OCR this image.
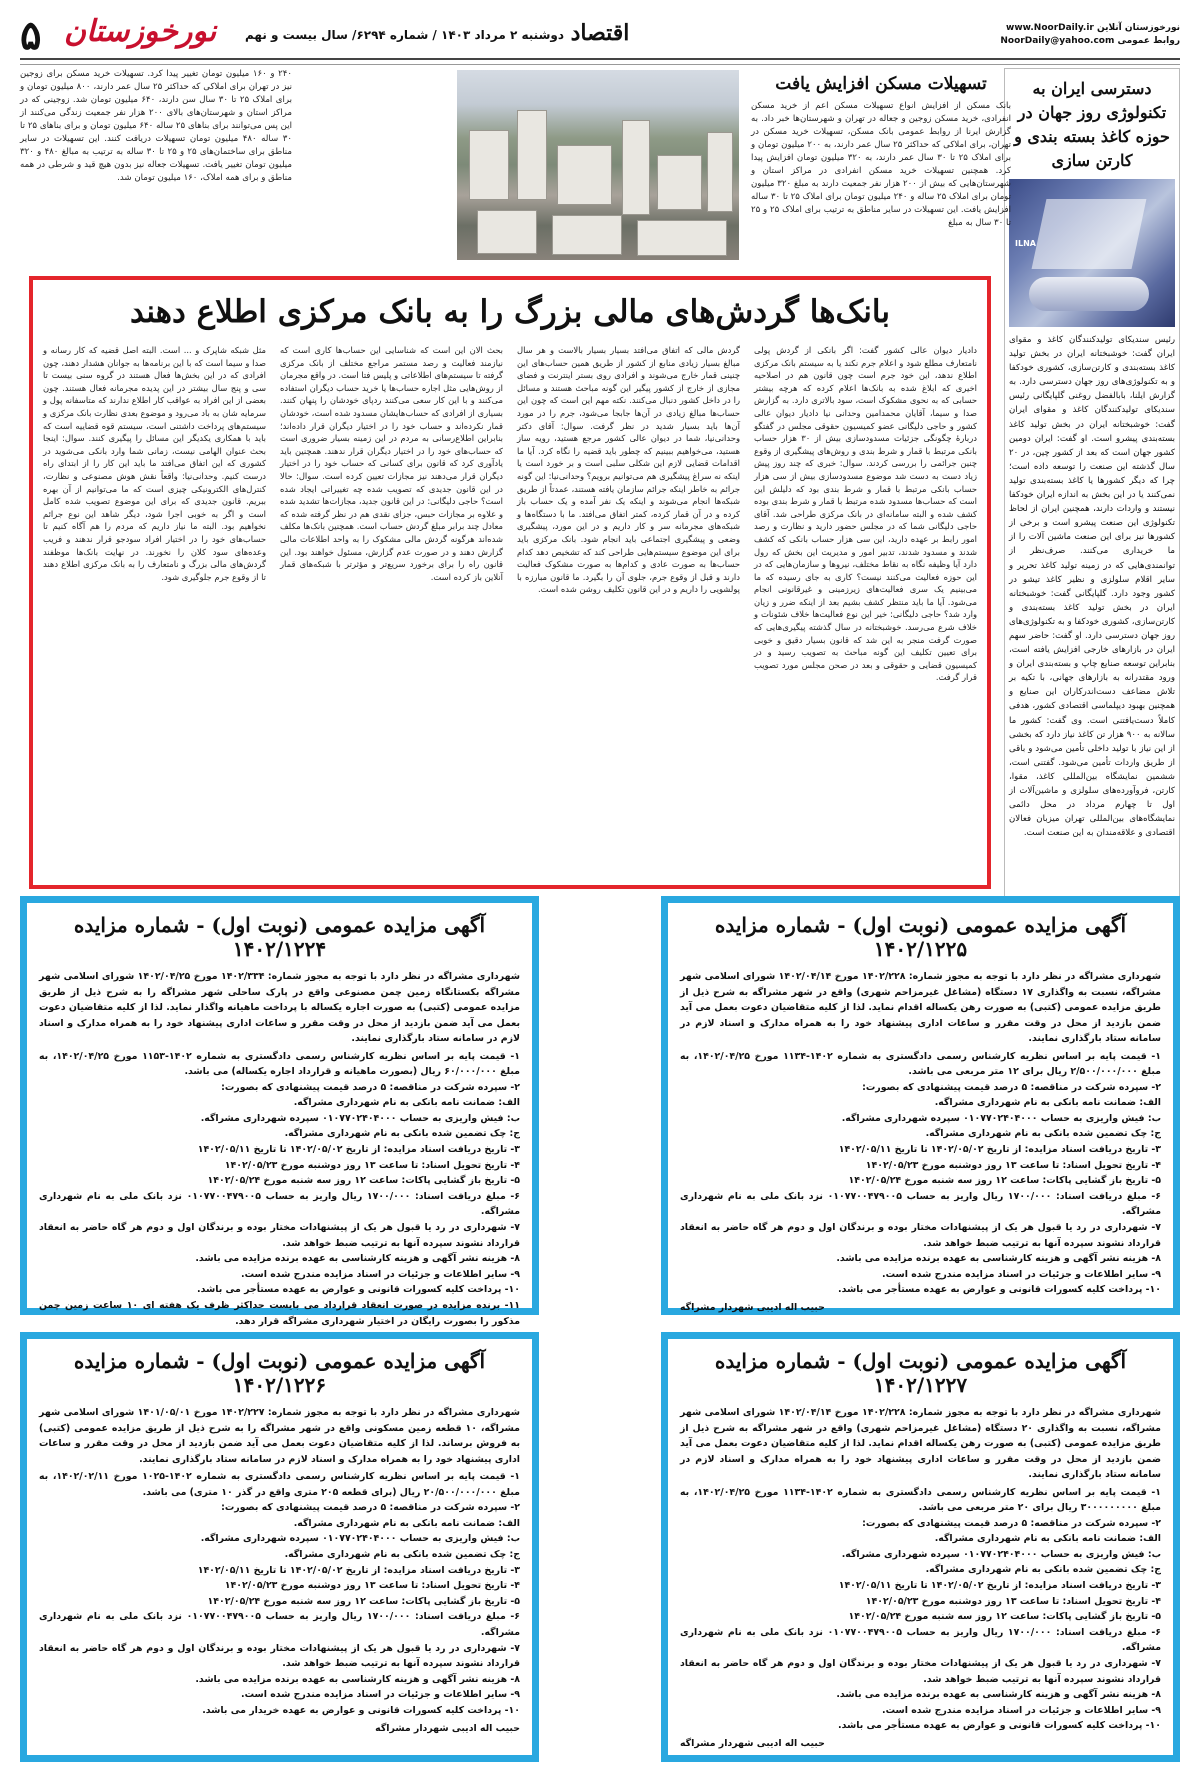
www.NoorDaily.ir نورخوزستان آنلاین
NoorDaily@yahoo.com روابط عمومی
اقتصاد
دوشنبه ۲ مرداد ۱۴۰۳ / شماره ۶۲۹۴/ سال بیست و نهم
نورخوزستان
۵
دسترسی ایران به تکنولوژی روز جهان در حوزه کاغذ بسته بندی و کارتن سازی
ILNA
رئیس سندیکای تولیدکنندگان کاغذ و مقوای ایران گفت: خوشبختانه ایران در بخش تولید کاغذ بسته‌بندی و کارتن‌سازی، کشوری خودکفا و به تکنولوژی‌های روز جهان دسترسی دارد. به گزارش ایلنا، بابالفضل روغنی گلپایگانی رئیس سندیکای تولیدکنندگان کاغذ و مقوای ایران گفت: خوشبختانه ایران در بخش تولید کاغذ بسته‌بندی پیشرو است. او گفت: ایران دومین کشور جهان است که بعد از کشور چین، در ۲۰ سال گذشته این صنعت را توسعه داده است؛ چرا که دیگر کشورها یا کاغذ بسته‌بندی تولید نمی‌کنند یا در این بخش به اندازه ایران خودکفا نیستند و واردات دارند، همچنین ایران از لحاظ تکنولوژی این صنعت پیشرو است و برخی از کشورها نیز برای این صنعت ماشین آلات را از ما خریداری می‌کنند. صرف‌نظر از توانمندی‌هایی که در زمینه تولید کاغذ تحریر و سایر اقلام سلولزی و نظیر کاغذ تیشو در کشور وجود دارد. گلپایگانی گفت: خوشبختانه ایران در بخش تولید کاغذ بسته‌بندی و کارتن‌سازی، کشوری خودکفا و به تکنولوژی‌های روز جهان دسترسی دارد. او گفت: حاضر سهم ایران در بازارهای خارجی افزایش یافته است، بنابراین توسعه صنایع چاپ و بسته‌بندی ایران و ورود مقتدرانه به بازارهای جهانی، با تکیه بر تلاش مضاعف دست‌اندرکاران این صنایع و همچنین بهبود دیپلماسی اقتصادی کشور، هدفی کاملاً دست‌یافتنی است. وی گفت: کشور ما سالانه به ۹۰۰ هزار تن کاغذ نیاز دارد که بخشی از این نیاز با تولید داخلی تأمین می‌شود و باقی از طریق واردات تأمین می‌شود. گفتنی است، ششمین نمایشگاه بین‌المللی کاغذ، مقوا، کارتن، فروآورده‌های سلولزی و ماشین‌آلات از اول تا چهارم مرداد در محل دائمی نمایشگاه‌های بین‌المللی تهران میزبان فعالان اقتصادی و علاقه‌مندان به این صنعت است.
تسهیلات مسکن افزایش یافت
بانک مسکن از افزایش انواع تسهیلات مسکن اعم از خرید مسکن انفرادی، خرید مسکن زوجین و جعاله در تهران و شهرستان‌ها خبر داد. به گزارش ایرنا از روابط عمومی بانک مسکن، تسهیلات خرید مسکن در تهران، برای املاکی که حداکثر ۲۵ سال عمر دارند، به ۲۰۰ میلیون تومان و برای املاک ۲۵ تا ۳۰ سال عمر دارند، به ۳۲۰ میلیون تومان افزایش پیدا کرد. همچنین تسهیلات خرید مسکن انفرادی در مراکز استان و شهرستان‌هایی که بیش از ۲۰۰ هزار نفر جمعیت دارند به مبلغ ۳۲۰ میلیون تومان برای املاک ۲۵ ساله و ۲۴۰ میلیون تومان برای املاک ۲۵ تا ۳۰ ساله افزایش یافت. این تسهیلات در سایر مناطق به ترتیب برای املاک ۲۵ و ۲۵ تا ۳۰ سال به مبلغ
۲۴۰ و ۱۶۰ میلیون تومان تغییر پیدا کرد. تسهیلات خرید مسکن برای زوجین نیز در تهران برای املاکی که حداکثر ۲۵ سال عمر دارند، ۸۰۰ میلیون تومان و برای املاک ۲۵ تا ۳۰ سال سن دارند، ۶۴۰ میلیون تومان شد. زوجینی که در مراکز استان و شهرستان‌های بالای ۲۰۰ هزار نفر جمعیت زندگی می‌کنند از این پس می‌توانند برای بناهای ۲۵ ساله ۶۴۰ میلیون تومان و برای بناهای ۲۵ تا ۳۰ ساله ۴۸۰ میلیون تومان تسهیلات دریافت کنند. این تسهیلات در سایر مناطق برای ساختمان‌های ۲۵ و ۲۵ تا ۳۰ ساله به ترتیب به مبالغ ۴۸۰ و ۳۲۰ میلیون تومان تغییر یافت. تسهیلات جعاله نیز بدون هیچ قید و شرطی در همه مناطق و برای همه املاک، ۱۶۰ میلیون تومان شد.
بانک‌ها گردش‌های مالی بزرگ را به بانک مرکزی اطلاع دهند
دادیار دیوان عالی کشور گفت: اگر بانکی از گردش پولی نامتعارف مطلع شود و اعلام جرم نکند یا به سیستم بانک مرکزی اطلاع ندهد، این خود جرم است چون قانون هم در اصلاحیه اخیری که ابلاغ شده به بانک‌ها اعلام کرده که هرچه بیشتر حسابی که به نحوی مشکوک است، سود بالاتری دارد. به گزارش صدا و سیما، آقایان محمدامین وحدانی نیا دادیار دیوان عالی کشور و حاجی دلیگانی عضو کمیسیون حقوقی مجلس در گفتگو دربارهٔ چگونگی جزئیات مسدودسازی بیش از ۳۰ هزار حساب بانکی مرتبط با قمار و شرط بندی و روش‌های پیشگیری از وقوع چنین جرائمی را بررسی کردند. سوال: خبری که چند روز پیش زیاد دست به دست شد موضوع مسدودسازی بیش از سی هزار حساب بانکی مرتبط با قمار و شرط بندی بود که دلیلش این است که حساب‌ها مسدود شده مرتبط با قمار و شرط بندی بوده کشف شده و البته سامانه‌ای در بانک مرکزی طراحی شد. آقای حاجی دلیگانی شما که در مجلس حضور دارید و نظارت و رصد امور رابط بر عهده دارید، این سی هزار حساب بانکی که کشف شدند و مسدود شدند، تدبیر امور و مدیریت این بخش که رول دارد آیا وظیفه نگاه به نقاط مختلف، نیروها و سازمان‌هایی که در این حوزه فعالیت می‌کنند نیست؟ کاری به جای رسیده که ما می‌بینیم یک سری فعالیت‌های زیرزمینی و غیرقانونی انجام می‌شود. آیا ما باید منتظر کشف بشیم بعد از اینکه ضرر و زیان وارد شد؟ حاجی دلیگانی: خیر این نوع فعالیت‌ها خلاف شئونات و خلاف شرع می‌رسد. خوشبختانه در سال گذشته پیگیری‌هایی که صورت گرفت منجر به این شد که قانون بسیار دقیق و خوبی برای تعیین تکلیف این گونه مباحث به تصویب رسید و در کمیسیون قضایی و حقوقی و بعد در صحن مجلس مورد تصویب قرار گرفت.
گردش مالی که اتفاق می‌افتد بسیار بسیار بالاست و هر سال مبالغ بسیار زیادی منابع از کشور از طریق همین حساب‌های این چنینی قمار خارج می‌شوند و افرادی روی بستر اینترنت و فضای مجازی از خارج از کشور پیگیر این گونه مباحث هستند و مسائل را در داخل کشور دنبال می‌کنند. نکته مهم این است که چون این حساب‌ها مبالغ زیادی در آن‌ها جابجا می‌شود، جرم را در مورد آن‌ها باید بسیار شدید در نظر گرفت. سوال: آقای دکتر وحدانی‌نیا، شما در دیوان عالی کشور مرجع هستید، رویه ساز هستید، می‌خواهیم ببینیم که چطور باید قضیه را نگاه کرد. آیا ما اقدامات قضایی لازم این شکلی سلبی است و بر خورد است یا اینکه نه سراغ پیشگیری هم می‌توانیم برویم؟ وحدانی‌نیا: این گونه جرائم به خاطر اینکه جرائم سازمان یافته هستند، عمدتاً از طریق شبکه‌ها انجام می‌شوند و اینکه یک نفر آمده و یک حساب باز کرده و در آن قمار کرده، کمتر اتفاق می‌افتد. ما با دستگاه‌ها و شبکه‌های مجرمانه سر و کار داریم و در این مورد، پیشگیری وضعی و پیشگیری اجتماعی باید انجام شود. بانک مرکزی باید برای این موضوع سیستم‌هایی طراحی کند که تشخیص دهد کدام حساب‌ها به صورت عادی و کدام‌ها به صورت مشکوک فعالیت دارند و قبل از وقوع جرم، جلوی آن را بگیرد. ما قانون مبارزه با پولشویی را داریم و در این قانون تکلیف روشن شده است.
بحث الان این است که شناسایی این حساب‌ها کاری است که نیازمند فعالیت و رصد مستمر مراجع مختلف از بانک مرکزی گرفته تا سیستم‌های اطلاعاتی و پلیس فتا است. در واقع مجرمان از روش‌هایی مثل اجاره حساب‌ها یا خرید حساب دیگران استفاده می‌کنند و با این کار سعی می‌کنند ردپای خودشان را پنهان کنند. بسیاری از افرادی که حساب‌هایشان مسدود شده است، خودشان قمار نکرده‌اند و حساب خود را در اختیار دیگران قرار داده‌اند؛ بنابراین اطلاع‌رسانی به مردم در این زمینه بسیار ضروری است که حساب‌های خود را در اختیار دیگران قرار ندهند. همچنین باید یادآوری کرد که قانون برای کسانی که حساب خود را در اختیار دیگران قرار می‌دهند نیز مجازات تعیین کرده است. سوال: حالا در این قانون جدیدی که تصویب شده چه تغییراتی ایجاد شده است؟ حاجی دلیگانی: در این قانون جدید، مجازات‌ها تشدید شده و علاوه بر مجازات حبس، جزای نقدی هم در نظر گرفته شده که معادل چند برابر مبلغ گردش حساب است. همچنین بانک‌ها مکلف شده‌اند هرگونه گردش مالی مشکوک را به واحد اطلاعات مالی گزارش دهند و در صورت عدم گزارش، مسئول خواهند بود. این قانون راه را برای برخورد سریع‌تر و مؤثرتر با شبکه‌های قمار آنلاین باز کرده است.
مثل شبکه شاپرک و ... است. البته اصل قضیه که کار رسانه و صدا و سیما است که با این برنامه‌ها به جوانان هشدار دهند، چون افرادی که در این بخش‌ها فعال هستند در گروه سنی بیست تا سی و پنج سال بیشتر در این پدیده مجرمانه فعال هستند. چون بعضی از این افراد به عواقب کار اطلاع ندارند که متاسفانه پول و سرمایه شان به باد می‌رود و موضوع بعدی نظارت بانک مرکزی و سیستم‌های پرداخت داشتنی است، سیستم قوه قضاییه است که باید با همکاری یکدیگر این مسائل را پیگیری کنند. سوال: اینجا بحث عنوان الهامی نیست، زمانی شما وارد بانکی می‌شوید در کشوری که این اتفاق می‌افتد ما باید این کار را از ابتدای راه درست کنیم. وحدانی‌نیا: واقعاً نقش هوش مصنوعی و نظارت، کنترل‌های الکترونیکی چیزی است که ما می‌توانیم از آن بهره ببریم. قانون جدیدی که برای این موضوع تصویب شده کامل است و اگر به خوبی اجرا شود، دیگر شاهد این نوع جرائم نخواهیم بود. البته ما نیاز داریم که مردم را هم آگاه کنیم تا حساب‌های خود را در اختیار افراد سودجو قرار ندهند و فریب وعده‌های سود کلان را نخورند. در نهایت بانک‌ها موظفند گردش‌های مالی بزرگ و نامتعارف را به بانک مرکزی اطلاع دهند تا از وقوع جرم جلوگیری شود.
آگهی مزایده عمومی (نوبت اول) - شماره مزایده ۱۴۰۲/۱۲۲۵
شهرداری مشراگه در نظر دارد با توجه به مجوز شماره: ۱۴۰۲/۲۲۸ مورخ ۱۴۰۲/۰۴/۱۴ شورای اسلامی شهر مشراگه، نسبت به واگذاری ۱۷ دستگاه (مشاغل غیرمزاحم شهری) واقع در شهر مشراگه به شرح ذیل از طریق مزایده عمومی (کتبی) به صورت رهن یکساله اقدام نماید. لذا از کلیه متقاضیان دعوت بعمل می آید ضمن بازدید از محل در وقت مقرر و ساعات اداری پیشنهاد خود را به همراه مدارک و اسناد لازم در سامانه ستاد بارگذاری نمایند.
۱- قیمت پایه بر اساس نظریه کارشناس رسمی دادگستری به شماره ۱۴۰۲-۱۱۳۴ مورخ ۱۴۰۲/۰۴/۲۵، به مبلغ ۲/۵۰۰/۰۰۰/۰۰۰ ریال برای ۱۲ متر مربعی می باشد.
۲- سپرده شرکت در مناقصه: ۵ درصد قیمت پیشنهادی که بصورت:
الف: ضمانت نامه بانکی به نام شهرداری مشراگه.
ب: فیش واریزی به حساب ۰۱۰۷۷۰۲۴۰۴۰۰۰ سپرده شهرداری مشراگه.
ج: چک تضمین شده بانکی به نام شهرداری مشراگه.
۳- تاریخ دریافت اسناد مزایده: از تاریخ ۱۴۰۲/۰۵/۰۲ تا تاریخ ۱۴۰۲/۰۵/۱۱
۴- تاریخ تحویل اسناد: تا ساعت ۱۳ روز دوشنبه مورخ ۱۴۰۲/۰۵/۲۳
۵- تاریخ باز گشایی پاکات: ساعت ۱۲ روز سه شنبه مورخ ۱۴۰۲/۰۵/۲۴
۶- مبلغ دریافت اسناد: ۱۷۰۰/۰۰۰ ریال واریز به حساب ۰۱۰۷۷۰۰۴۷۹۰۰۵ نزد بانک ملی به نام شهرداری مشراگه.
۷- شهرداری در رد یا قبول هر یک از پیشنهادات مختار بوده و برندگان اول و دوم هر گاه حاضر به انعقاد قرارداد نشوند سپرده آنها به ترتیب ضبط خواهد شد.
۸- هزینه نشر آگهی و هزینه کارشناسی به عهده برنده مزایده می باشد.
۹- سایر اطلاعات و جزئیات در اسناد مزایده مندرج شده است.
۱۰- پرداخت کلیه کسورات قانونی و عوارض به عهده مستأجر می باشد.
حبیب اله ادیبی شهردار مشراگه
آگهی مزایده عمومی (نوبت اول) - شماره مزایده ۱۴۰۲/۱۲۲۴
شهرداری مشراگه در نظر دارد با توجه به مجوز شماره: ۱۴۰۲/۳۳۴ مورخ ۱۴۰۲/۰۴/۲۵ شورای اسلامی شهر مشراگه بکستانگاه زمین چمن مصنوعی واقع در پارک ساحلی شهر مشراگه را به شرح ذیل از طریق مزایده عمومی (کتبی) به صورت اجاره یکساله با پرداخت ماهیانه واگذار نماید. لذا از کلیه متقاضیان دعوت بعمل می آید ضمن بازدید از محل در وقت مقرر و ساعات اداری پیشنهاد خود را به همراه مدارک و اسناد لازم در سامانه ستاد بارگذاری نمایند.
۱- قیمت پایه بر اساس نظریه کارشناس رسمی دادگستری به شماره ۱۴۰۲-۱۱۵۳ مورخ ۱۴۰۲/۰۴/۲۵، به مبلغ ۶۰/۰۰۰/۰۰۰ ریال (بصورت ماهیانه و قرارداد اجاره یکساله) می باشد.
۲- سپرده شرکت در مناقصه: ۵ درصد قیمت پیشنهادی که بصورت:
الف: ضمانت نامه بانکی به نام شهرداری مشراگه.
ب: فیش واریزی به حساب ۰۱۰۷۷۰۲۴۰۴۰۰۰ سپرده شهرداری مشراگه.
ج: چک تضمین شده بانکی به نام شهرداری مشراگه.
۳- تاریخ دریافت اسناد مزایده: از تاریخ ۱۴۰۲/۰۵/۰۲ تا تاریخ ۱۴۰۲/۰۵/۱۱
۴- تاریخ تحویل اسناد: تا ساعت ۱۳ روز دوشنبه مورخ ۱۴۰۲/۰۵/۲۳
۵- تاریخ باز گشایی پاکات: ساعت ۱۲ روز سه شنبه مورخ ۱۴۰۲/۰۵/۲۴
۶- مبلغ دریافت اسناد: ۱۷۰۰/۰۰۰ ریال واریز به حساب ۰۱۰۷۷۰۰۴۷۹۰۰۵ نزد بانک ملی به نام شهرداری مشراگه.
۷- شهرداری در رد یا قبول هر یک از پیشنهادات مختار بوده و برندگان اول و دوم هر گاه حاضر به انعقاد قرارداد نشوند سپرده آنها به ترتیب ضبط خواهد شد.
۸- هزینه نشر آگهی و هزینه کارشناسی به عهده برنده مزایده می باشد.
۹- سایر اطلاعات و جزئیات در اسناد مزایده مندرج شده است.
۱۰- پرداخت کلیه کسورات قانونی و عوارض به عهده مستأجر می باشد.
۱۱- برنده مزایده در صورت انعقاد قرارداد می بایست حداکثر ظرف یک هفته ای ۱۰ ساعت زمین چمن مذکور را بصورت رایگان در اختیار شهرداری مشراگه قرار دهد.
آگهی مزایده عمومی (نوبت اول) - شماره مزایده ۱۴۰۲/۱۲۲۷
شهرداری مشراگه در نظر دارد با توجه به مجوز شماره: ۱۴۰۲/۲۲۸ مورخ ۱۴۰۲/۰۴/۱۴ شورای اسلامی شهر مشراگه، نسبت به واگذاری ۲۰ دستگاه (مشاغل غیرمزاحم شهری) واقع در شهر مشراگه به شرح ذیل از طریق مزایده عمومی (کتبی) به صورت رهن یکساله اقدام نماید. لذا از کلیه متقاضیان دعوت بعمل می آید ضمن بازدید از محل در وقت مقرر و ساعات اداری پیشنهاد خود را به همراه مدارک و اسناد لازم در سامانه ستاد بارگذاری نمایند.
۱- قیمت پایه بر اساس نظریه کارشناس رسمی دادگستری به شماره ۱۴۰۲-۱۱۳۴ مورخ ۱۴۰۲/۰۴/۲۵، به مبلغ ۳۰۰۰۰۰۰۰۰۰ ریال برای ۲۰ متر مربعی می باشد.
۲- سپرده شرکت در مناقصه: ۵ درصد قیمت پیشنهادی که بصورت:
الف: ضمانت نامه بانکی به نام شهرداری مشراگه.
ب: فیش واریزی به حساب ۰۱۰۷۷۰۲۴۰۴۰۰۰ سپرده شهرداری مشراگه.
ج: چک تضمین شده بانکی به نام شهرداری مشراگه.
۳- تاریخ دریافت اسناد مزایده: از تاریخ ۱۴۰۲/۰۵/۰۲ تا تاریخ ۱۴۰۲/۰۵/۱۱
۴- تاریخ تحویل اسناد: تا ساعت ۱۳ روز دوشنبه مورخ ۱۴۰۲/۰۵/۲۳
۵- تاریخ باز گشایی پاکات: ساعت ۱۲ روز سه شنبه مورخ ۱۴۰۲/۰۵/۲۴
۶- مبلغ دریافت اسناد: ۱۷۰۰/۰۰۰ ریال واریز به حساب ۰۱۰۷۷۰۰۴۷۹۰۰۵ نزد بانک ملی به نام شهرداری مشراگه.
۷- شهرداری در رد یا قبول هر یک از پیشنهادات مختار بوده و برندگان اول و دوم هر گاه حاضر به انعقاد قرارداد نشوند سپرده آنها به ترتیب ضبط خواهد شد.
۸- هزینه نشر آگهی و هزینه کارشناسی به عهده برنده مزایده می باشد.
۹- سایر اطلاعات و جزئیات در اسناد مزایده مندرج شده است.
۱۰- پرداخت کلیه کسورات قانونی و عوارض به عهده مستأجر می باشد.
حبیب اله ادیبی شهردار مشراگه
آگهی مزایده عمومی (نوبت اول) - شماره مزایده ۱۴۰۲/۱۲۲۶
شهرداری مشراگه در نظر دارد با توجه به مجوز شماره: ۱۴۰۲/۲۲۷ مورخ ۱۴۰۱/۰۵/۰۱ شورای اسلامی شهر مشراگه، ۱۰ قطعه زمین مسکونی واقع در شهر مشراگه را به شرح ذیل از طریق مزایده عمومی (کتبی) به فروش برساند. لذا از کلیه متقاضیان دعوت بعمل می آید ضمن بازدید از محل در وقت مقرر و ساعات اداری پیشنهاد خود را به همراه مدارک و اسناد لازم در سامانه ستاد بارگذاری نمایند.
۱- قیمت پایه بر اساس نظریه کارشناس رسمی دادگستری به شماره ۱۴۰۲-۱۰۲۵ مورخ ۱۴۰۲/۰۲/۱۱، به مبلغ ۲۰/۵۰۰/۰۰۰/۰۰۰ ریال (برای قطعه ۲۰۵ متری واقع در گذر ۱۰ متری) می باشد.
۲- سپرده شرکت در مناقصه: ۵ درصد قیمت پیشنهادی که بصورت:
الف: ضمانت نامه بانکی به نام شهرداری مشراگه.
ب: فیش واریزی به حساب ۰۱۰۷۷۰۲۴۰۴۰۰۰ سپرده شهرداری مشراگه.
ج: چک تضمین شده بانکی به نام شهرداری مشراگه.
۳- تاریخ دریافت اسناد مزایده: از تاریخ ۱۴۰۲/۰۵/۰۲ تا تاریخ ۱۴۰۲/۰۵/۱۱
۴- تاریخ تحویل اسناد: تا ساعت ۱۳ روز دوشنبه مورخ ۱۴۰۲/۰۵/۲۳
۵- تاریخ باز گشایی پاکات: ساعت ۱۲ روز سه شنبه مورخ ۱۴۰۲/۰۵/۲۴
۶- مبلغ دریافت اسناد: ۱۷۰۰/۰۰۰ ریال واریز به حساب ۰۱۰۷۷۰۰۴۷۹۰۰۵ نزد بانک ملی به نام شهرداری مشراگه.
۷- شهرداری در رد یا قبول هر یک از پیشنهادات مختار بوده و برندگان اول و دوم هر گاه حاضر به انعقاد قرارداد نشوند سپرده آنها به ترتیب ضبط خواهد شد.
۸- هزینه نشر آگهی و هزینه کارشناسی به عهده برنده مزایده می باشد.
۹- سایر اطلاعات و جزئیات در اسناد مزایده مندرج شده است.
۱۰- پرداخت کلیه کسورات قانونی و عوارض به عهده خریدار می باشد.
حبیب اله ادیبی شهردار مشراگه
